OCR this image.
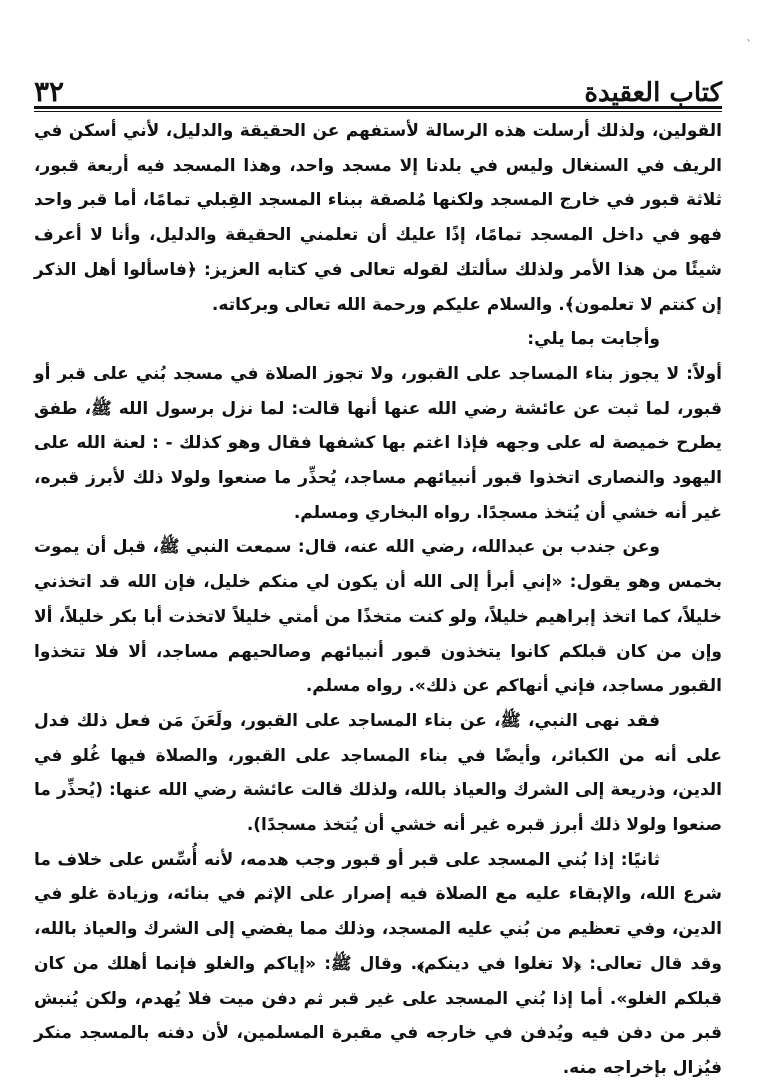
ˋ
٣٢	كتاب العقيدة

القولين، ولذلك أرسلت هذه الرسالة لأستفهم عن الحقيقة والدليل، لأني أسكن في الريف في السنغال وليس في بلدنا إلا مسجد واحد، وهذا المسجد فيه أربعة قبور، ثلاثة قبور في خارج المسجد ولكنها مُلصقة ببناء المسجد القِبلي تمامًا، أما قبر واحد فهو في داخل المسجد تمامًا، إذًا عليك أن تعلمني الحقيقة والدليل، وأنا لا أعرف شيئًا من هذا الأمر ولذلك سألتك لقوله تعالى في كتابه العزيز: ﴿فاسألوا أهل الذكر إن كنتم لا تعلمون﴾. والسلام عليكم ورحمة الله تعالى وبركاته.

وأجابت بما يلي:

أولاً: لا يجوز بناء المساجد على القبور، ولا تجوز الصلاة في مسجد بُني على قبر أو قبور، لما ثبت عن عائشة رضي الله عنها أنها قالت: لما نزل برسول الله ﷺ، طفق يطرح خميصة له على وجهه فإذا اغتم بها كشفها فقال وهو كذلك - : لعنة الله على اليهود والنصارى اتخذوا قبور أنبيائهم مساجد، يُحذِّر ما صنعوا ولولا ذلك لأبرز قبره، غير أنه خشي أن يُتخذ مسجدًا. رواه البخاري ومسلم.

وعن جندب بن عبدالله، رضي الله عنه، قال: سمعت النبي ﷺ، قبل أن يموت بخمس وهو يقول: «إني أبرأ إلى الله أن يكون لي منكم خليل، فإن الله قد اتخذني خليلاً، كما اتخذ إبراهيم خليلاً، ولو كنت متخذًا من أمتي خليلاً لاتخذت أبا بكر خليلاً، ألا وإن من كان قبلكم كانوا يتخذون قبور أنبيائهم وصالحيهم مساجد، ألا فلا تتخذوا القبور مساجد، فإني أنهاكم عن ذلك». رواه مسلم.

فقد نهى النبي، ﷺ، عن بناء المساجد على القبور، ولَعَنَ مَن فعل ذلك فدل على أنه من الكبائر، وأيضًا في بناء المساجد على القبور، والصلاة فيها غُلو في الدين، وذريعة إلى الشرك والعياذ بالله، ولذلك قالت عائشة رضي الله عنها: (يُحذِّر ما صنعوا ولولا ذلك أبرز قبره غير أنه خشي أن يُتخذ مسجدًا).

ثانيًا: إذا بُني المسجد على قبر أو قبور وجب هدمه، لأنه أُسِّس على خلاف ما شرع الله، والإبقاء عليه مع الصلاة فيه إصرار على الإثم في بنائه، وزيادة غلو في الدين، وفي تعظيم من بُني عليه المسجد، وذلك مما يفضي إلى الشرك والعياذ بالله، وقد قال تعالى: ﴿لا تغلوا في دينكم﴾. وقال ﷺ: «إياكم والغلو فإنما أهلك من كان قبلكم الغلو». أما إذا بُني المسجد على غير قبر ثم دفن ميت فلا يُهدم، ولكن يُنبش قبر من دفن فيه ويُدفن في خارجه في مقبرة المسلمين، لأن دفنه بالمسجد منكر فيُزال بإخراجه منه.
